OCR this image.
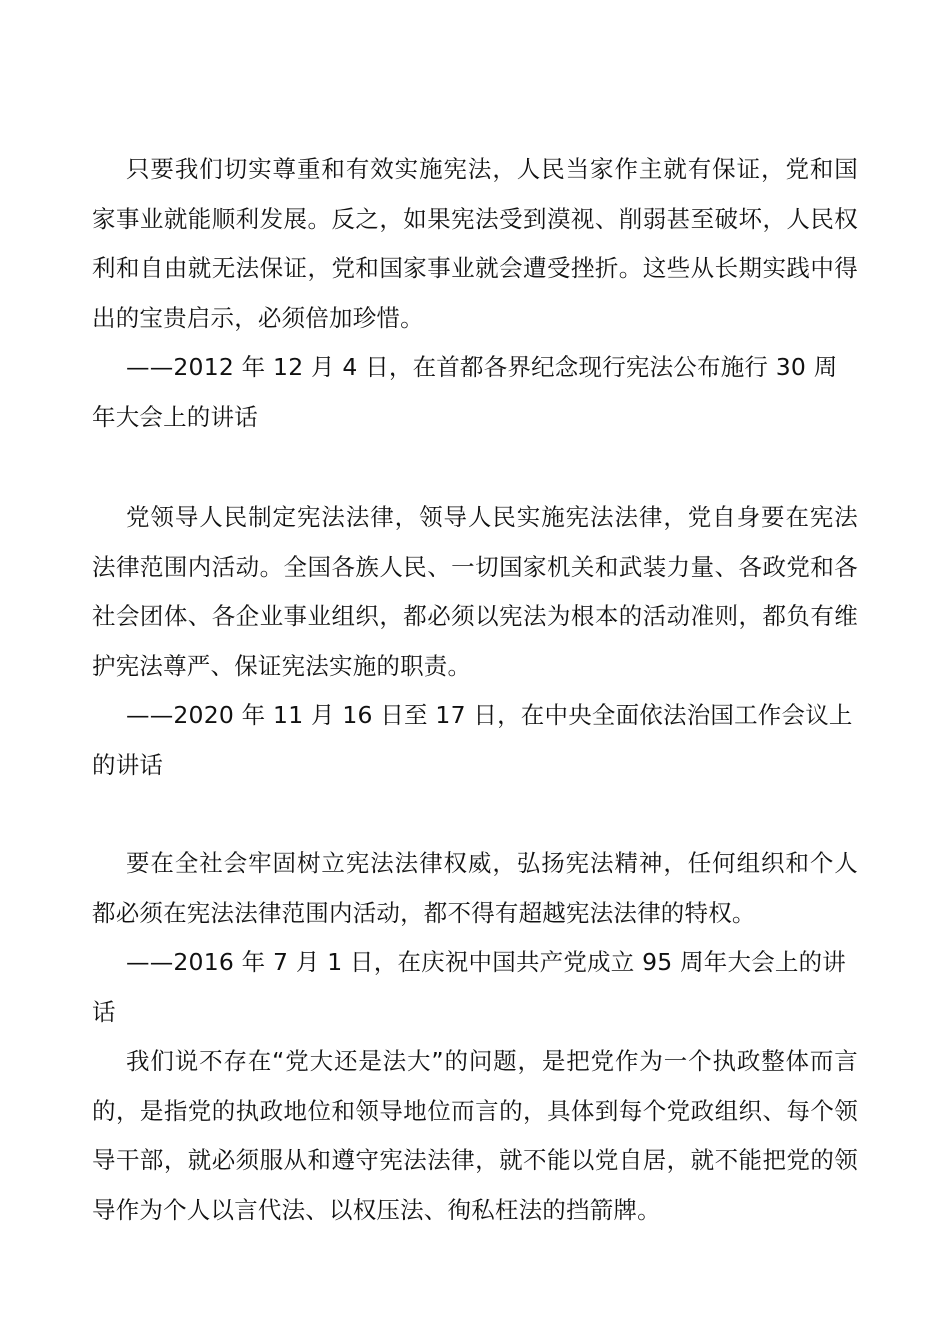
只要我们切实尊重和有效实施宪法，人民当家作主就有保证，党和国家事业就能顺利发展。反之，如果宪法受到漠视、削弱甚至破坏，人民权利和自由就无法保证，党和国家事业就会遭受挫折。这些从长期实践中得出的宝贵启示，必须倍加珍惜。

——2012 年 12 月 4 日，在首都各界纪念现行宪法公布施行 30 周年大会上的讲话

党领导人民制定宪法法律，领导人民实施宪法法律，党自身要在宪法法律范围内活动。全国各族人民、一切国家机关和武装力量、各政党和各社会团体、各企业事业组织，都必须以宪法为根本的活动准则，都负有维护宪法尊严、保证宪法实施的职责。

——2020 年 11 月 16 日至 17 日，在中央全面依法治国工作会议上的讲话

要在全社会牢固树立宪法法律权威，弘扬宪法精神，任何组织和个人都必须在宪法法律范围内活动，都不得有超越宪法法律的特权。

——2016 年 7 月 1 日，在庆祝中国共产党成立 95 周年大会上的讲话

我们说不存在“党大还是法大”的问题，是把党作为一个执政整体而言的，是指党的执政地位和领导地位而言的，具体到每个党政组织、每个领导干部，就必须服从和遵守宪法法律，就不能以党自居，就不能把党的领导作为个人以言代法、以权压法、徇私枉法的挡箭牌。
